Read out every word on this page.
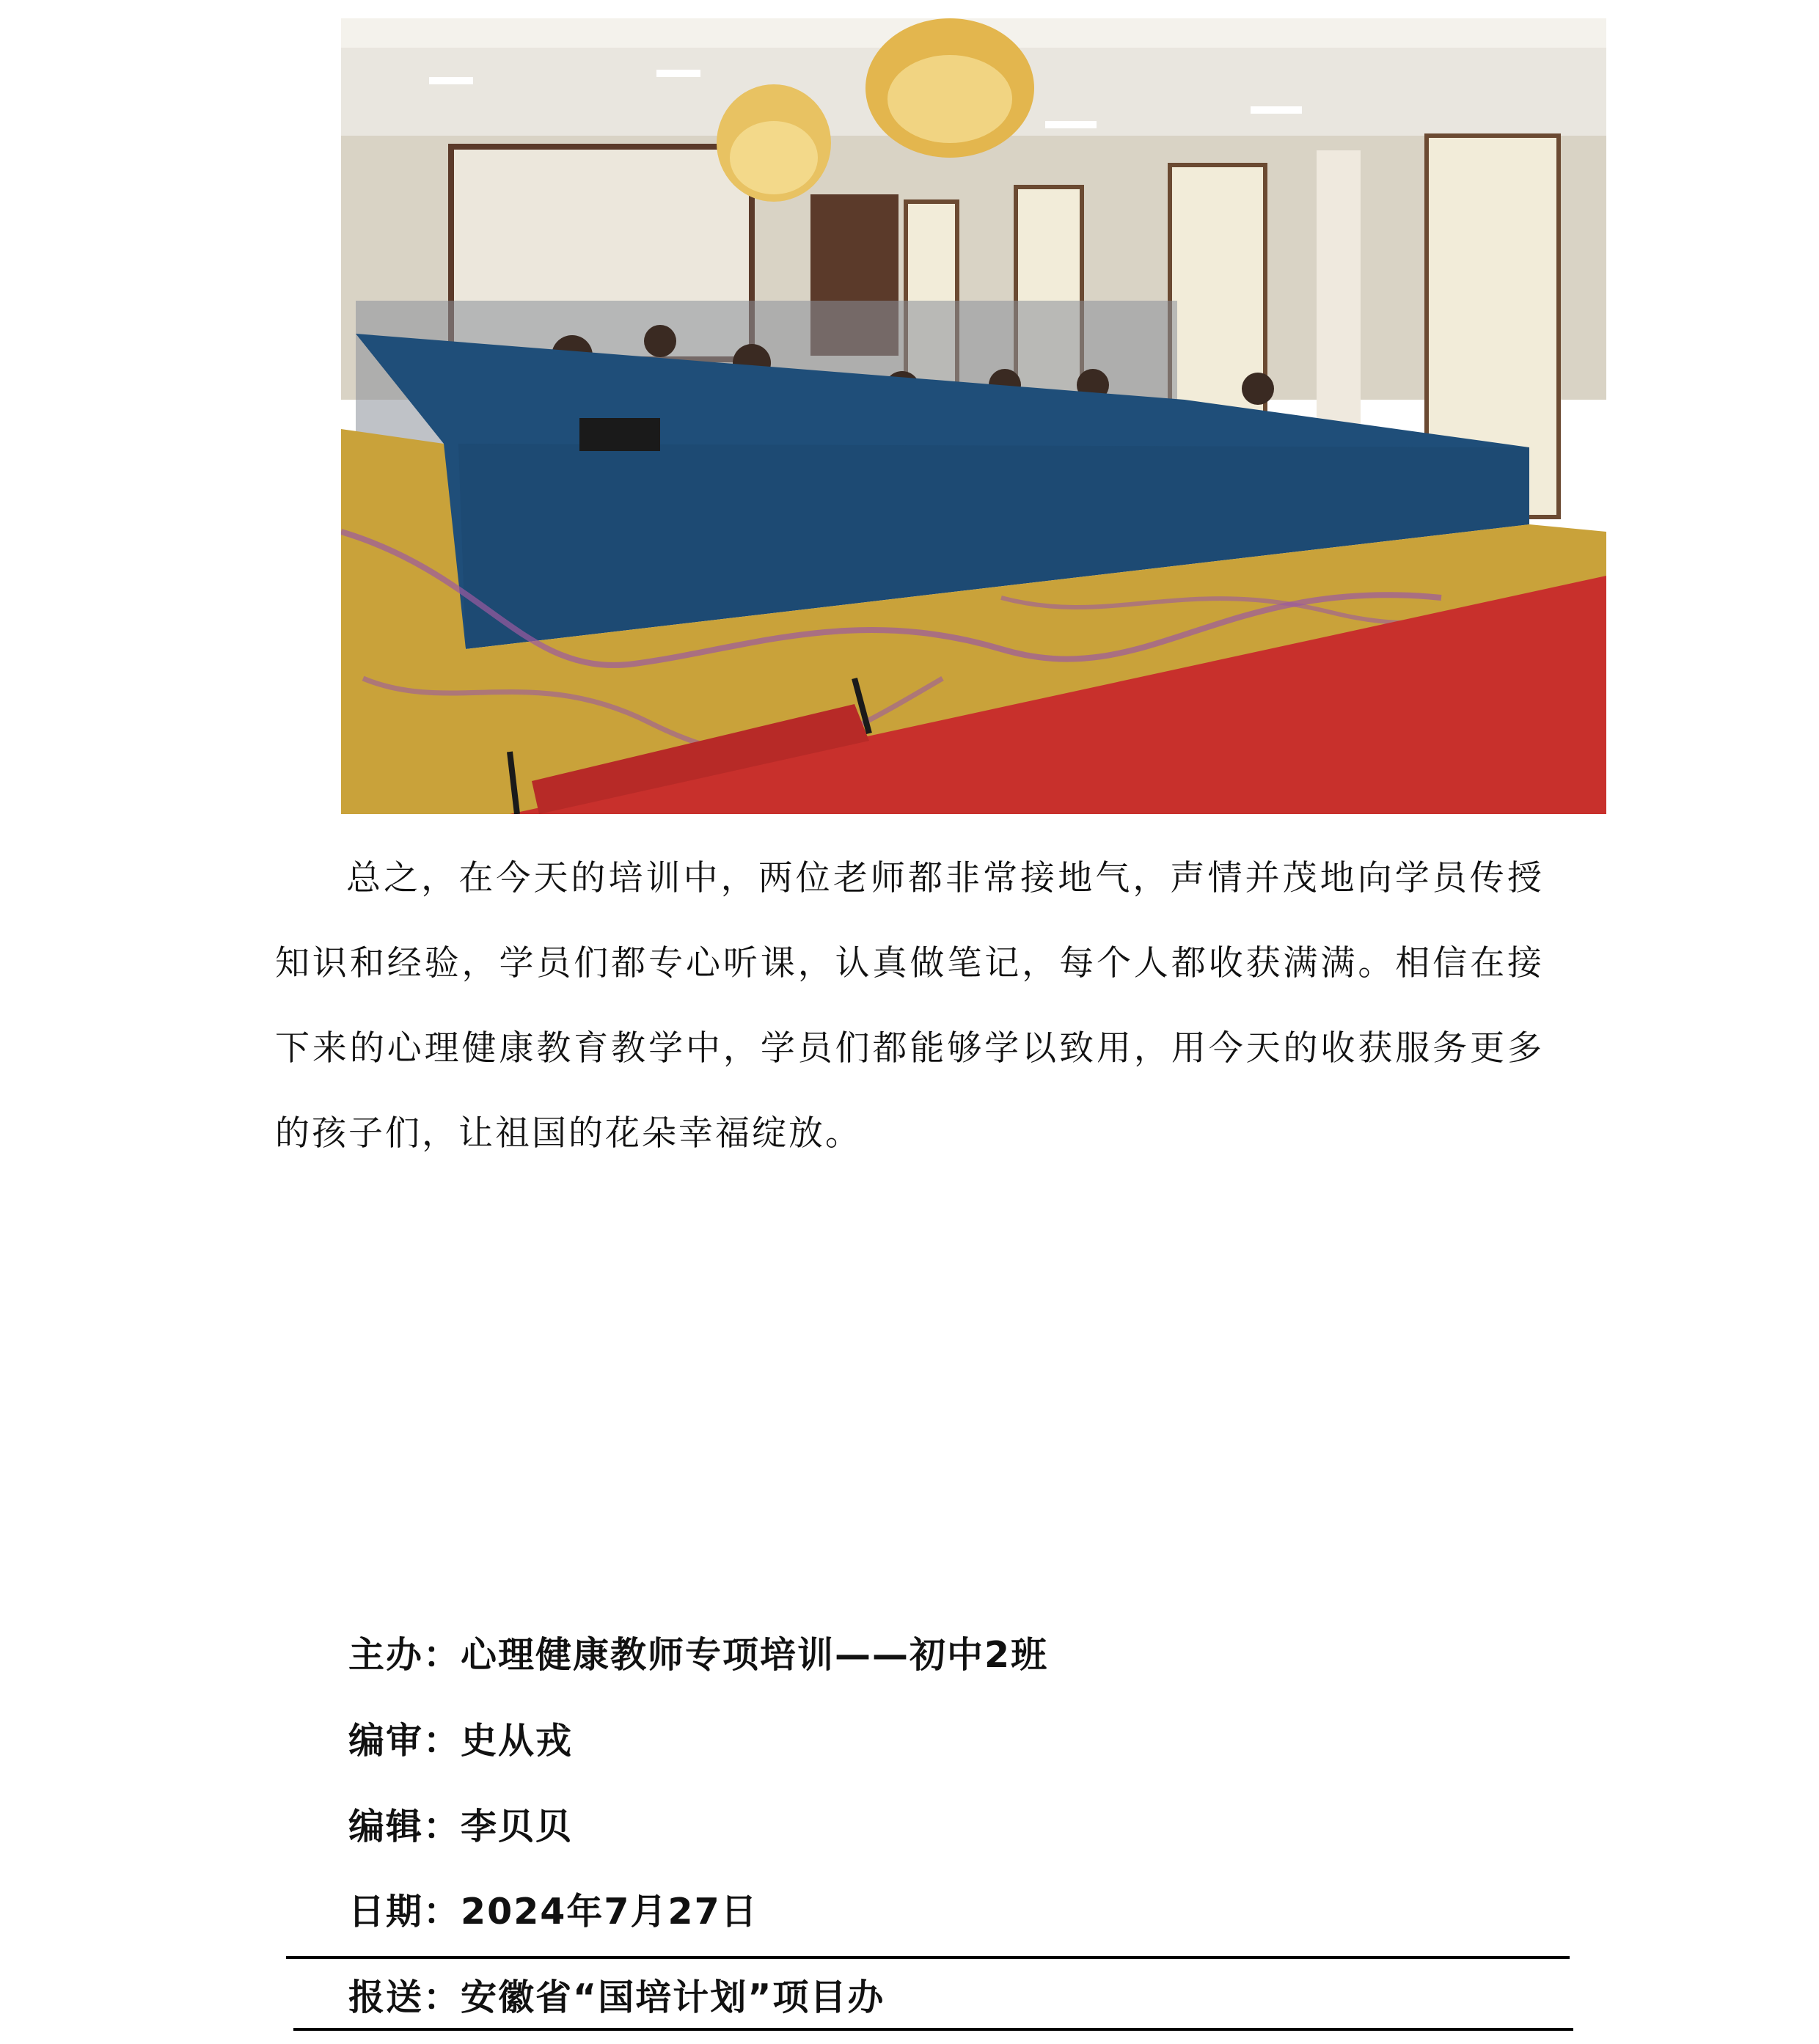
总之，在今天的培训中，两位老师都非常接地气，声情并茂地向学员传授知识和经验，学员们都专心听课，认真做笔记，每个人都收获满满。相信在接下来的心理健康教育教学中，学员们都能够学以致用，用今天的收获服务更多的孩子们，让祖国的花朵幸福绽放。

主办：心理健康教师专项培训——初中2班
编审：史从戎
编辑：李贝贝
日期：2024年7月27日
报送：安徽省“国培计划”项目办
